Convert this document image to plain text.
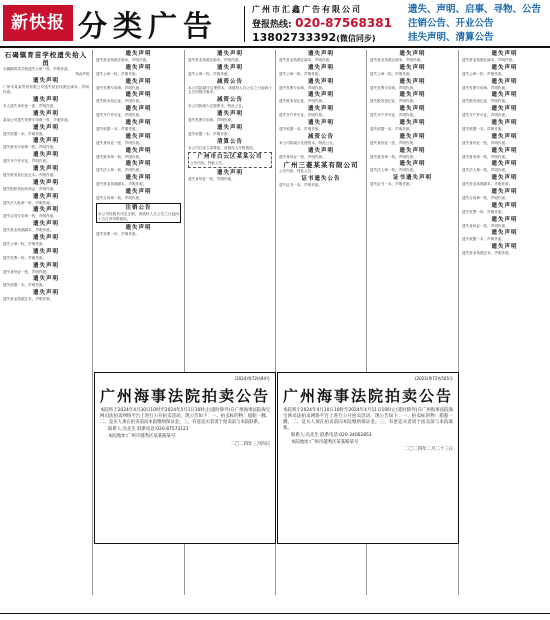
新快报 分类广告	广州市汇鑫广告有限公司
登报热线: 020-87568381
13802733392(微信同步)
遗失、声明、启事、寻物、公告
注销公告、开业公告
挂失声明、清算公告
石碣镇育苗学校遗失给入员
石碣镇育苗学校遗失公章一枚，声明作废。
特此声明
遗失声明
广州市某某贸易有限公司遗失营业执照正副本，声明作废。
遗失声明
本人遗失身份证一张，声明作废。
遗失声明
某某公司遗失发票专用章一枚，声明作废。
遗失声明
遗失收据一本，声明作废。
遗失声明
遗失财务专用章一枚，声明作废。
遗失声明
遗失开户许可证，声明作废。
遗失声明
遗失税务登记证正本，声明作废。
遗失声明
遗失组织机构代码证，声明作废。
遗失声明
遗失法人私章一枚，声明作废。
遗失声明
遗失合同专用章一枚，声明作废。
遗失声明
遗失营业执照副本，声明作废。
遗失声明
遗失公章一枚，声明作废。
遗失声明
遗失发票一份，声明作废。
遗失声明
遗失身份证一张，声明作废。
遗失声明
遗失收据一本，声明作废。
遗失声明
遗失营业执照正本，声明作废。
遗失声明
遗失营业执照正副本，声明作废。
遗失声明
遗失公章一枚，声明作废。
遗失声明
遗失发票专用章，声明作废。
遗失声明
遗失税务登记证，声明作废。
遗失声明
遗失开户许可证，声明作废。
遗失声明
遗失收据一本，声明作废。
遗失声明
遗失身份证一张，声明作废。
遗失声明
遗失财务章一枚，声明作废。
遗失声明
遗失法人章一枚，声明作废。
遗失声明
遗失营业执照副本，声明作废。
遗失声明
遗失合同章一枚，声明作废。
注销公告
本公司经股东决定注销，请债权人自公告之日起四十五日内申报债权。
遗失声明
遗失发票一份，声明作废。
遗失声明
遗失营业执照正副本，声明作废。
遗失声明
遗失公章一枚，声明作废。
减资公告
本公司拟减少注册资本，请债权人自公告之日起四十五日内提出要求。
减资公告
本公司拟减少注册资本，特此公告。
遗失声明
遗失发票专用章，声明作废。
遗失声明
遗失收据一本，声明作废。
清算公告
本公司已成立清算组，请债权人申报债权。
广州市白云区某某公司
公告内容，特此公告。
遗失声明
遗失身份证一张，声明作废。
遗失声明
遗失营业执照正副本，声明作废。
遗失声明
遗失公章一枚，声明作废。
遗失声明
遗失发票专用章，声明作废。
遗失声明
遗失税务登记证，声明作废。
遗失声明
遗失开户许可证，声明作废。
遗失声明
遗失收据一本，声明作废。
减资公告
本公司拟减少注册资本，特此公告。
遗失声明
遗失身份证一张，声明作废。
广州三菱某某有限公司
公告内容，特此公告。
证书遗失公告
遗失证书一本，声明作废。
遗失声明
遗失营业执照正副本，声明作废。
遗失声明
遗失公章一枚，声明作废。
遗失声明
遗失发票专用章，声明作废。
遗失声明
遗失税务登记证，声明作废。
遗失声明
遗失开户许可证，声明作废。
遗失声明
遗失收据一本，声明作废。
遗失声明
遗失身份证一张，声明作废。
遗失声明
遗失财务章一枚，声明作废。
遗失声明
遗失法人章一枚，声明作废。
证书遗失声明
遗失证书一本，声明作废。
遗失声明
遗失营业执照正副本，声明作废。
遗失声明
遗失公章一枚，声明作废。
遗失声明
遗失发票专用章，声明作废。
遗失声明
遗失税务登记证，声明作废。
遗失声明
遗失开户许可证，声明作废。
遗失声明
遗失收据一本，声明作废。
遗失声明
遗失身份证一张，声明作废。
遗失声明
遗失财务章一枚，声明作废。
遗失声明
遗失法人章一枚，声明作废。
遗失声明
遗失营业执照副本，声明作废。
遗失声明
遗失合同章一枚，声明作废。
遗失声明
遗失发票一份，声明作废。
遗失声明
遗失身份证一张，声明作废。
遗失声明
遗失收据一本，声明作废。
遗失声明
遗失营业执照正本，声明作废。
(2024)粤72执94号
广州海事法院拍卖公告
本院将于2024年4月30日10时至2024年5月1日10时止(延时除外)在广州海事法院淘宝网司法拍卖网络平台上进行公开拍卖活动，现公告如下：一、拍卖标的物：船舶一艘。二、竞买人须在拍卖前向本院缴纳保证金。三、有意竞买者请于拍卖前与本院联系。
联系人:冯先生 联系电话:020-87573121
本院地址:广州市越秀区某某路某号
二〇二四年三月四日
(2023)粤72执505号
广州海事法院拍卖公告
本院将于2024年4月10日10时至2024年4月11日10时止(延时除外)在广州海事法院淘宝网司法拍卖网络平台上进行公开拍卖活动，现公告如下：一、拍卖标的物：船舶一艘。二、竞买人须在拍卖前向本院缴纳保证金。三、有意竞买者请于拍卖前与本院联系。
联系人:冯先生 联系电话:020-34062853
本院地址:广州市越秀区某某路某号
二〇二四年二月二十三日
